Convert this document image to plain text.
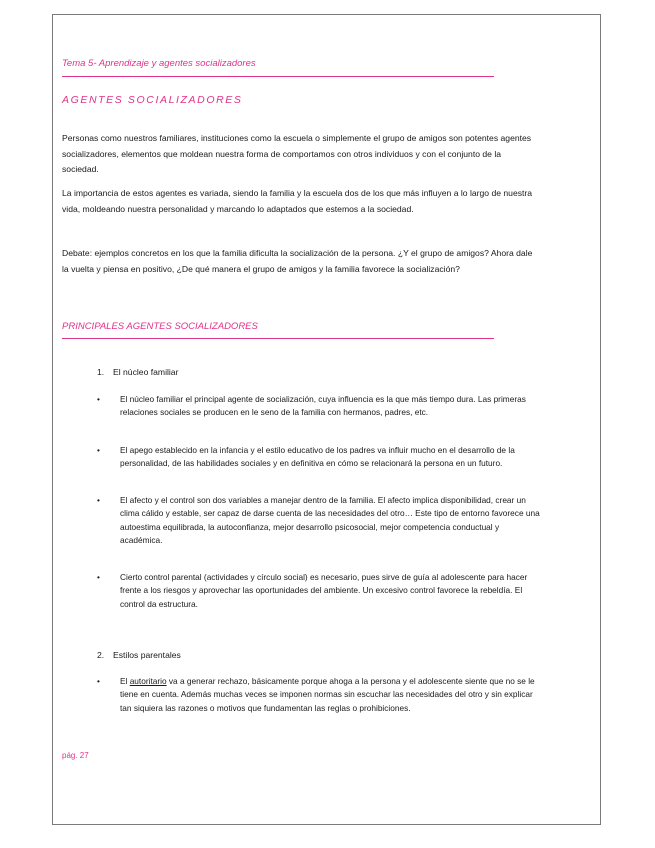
Tema 5- Aprendizaje y agentes socializadores
AGENTES SOCIALIZADORES

Personas como nuestros familiares, instituciones como la escuela o simplemente el grupo de amigos son potentes agentes socializadores, elementos que moldean nuestra forma de comportamos con otros individuos y con el conjunto de la sociedad.

La importancia de estos agentes es variada, siendo la familia y la escuela dos de los que más influyen a lo largo de nuestra vida, moldeando nuestra personalidad y marcando lo adaptados que estemos a la sociedad.

Debate: ejemplos concretos en los que la familia dificulta la socialización de la persona. ¿Y el grupo de amigos? Ahora dale la vuelta y piensa en positivo, ¿De qué manera el grupo de amigos y la familia favorece la socialización?

PRINCIPALES AGENTES SOCIALIZADORES
1. El núcleo familiar
• El núcleo familiar el principal agente de socialización, cuya influencia es la que más tiempo dura. Las primeras relaciones sociales se producen en le seno de la familia con hermanos, padres, etc.
• El apego establecido en la infancia y el estilo educativo de los padres va influir mucho en el desarrollo de la personalidad, de las habilidades sociales y en definitiva en cómo se relacionará la persona en un futuro.
• El afecto y el control son dos variables a manejar dentro de la familia. El afecto implica disponibilidad, crear un clima cálido y estable, ser capaz de darse cuenta de las necesidades del otro… Este tipo de entorno favorece una autoestima equilibrada, la autoconfianza, mejor desarrollo psicosocial, mejor competencia conductual y académica.
• Cierto control parental (actividades y círculo social) es necesario, pues sirve de guía al adolescente para hacer frente a los riesgos y aprovechar las oportunidades del ambiente. Un excesivo control favorece la rebeldía. El control da estructura.
2. Estilos parentales
• El autoritario va a generar rechazo, básicamente porque ahoga a la persona y el adolescente siente que no se le tiene en cuenta. Además muchas veces se imponen normas sin escuchar las necesidades del otro y sin explicar tan siquiera las razones o motivos que fundamentan las reglas o prohibiciones.
pág. 27
